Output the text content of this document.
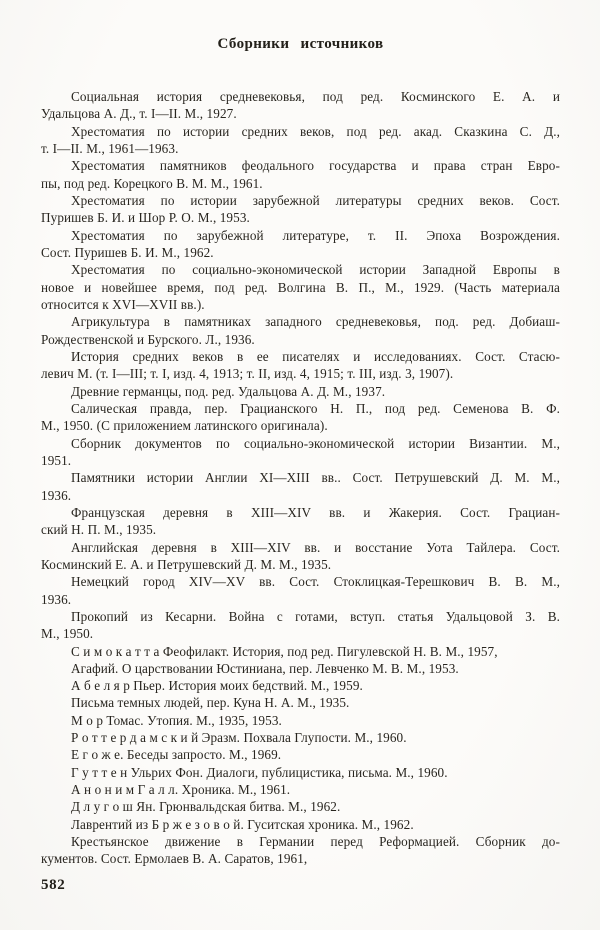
Сборники источников
Социальная история средневековья, под ред. Косминского Е. А. и
Удальцова А. Д., т. I—II. М., 1927.
Хрестоматия по истории средних веков, под ред. акад. Сказкина С. Д.,
т. I—II. М., 1961—1963.
Хрестоматия памятников феодального государства и права стран Евро-
пы, под ред. Корецкого В. М. М., 1961.
Хрестоматия по истории зарубежной литературы средних веков. Сост.
Пуришев Б. И. и Шор Р. О. М., 1953.
Хрестоматия по зарубежной литературе, т. II. Эпоха Возрождения.
Сост. Пуришев Б. И. М., 1962.
Хрестоматия по социально-экономической истории Западной Европы в
новое и новейшее время, под ред. Волгина В. П., М., 1929. (Часть материала
относится к XVI—XVII вв.).
Агрикультура в памятниках западного средневековья, под. ред. Добиаш-
Рождественской и Бурского. Л., 1936.
История средних веков в ее писателях и исследованиях. Сост. Стасю-
левич М. (т. I—III; т. I, изд. 4, 1913; т. II, изд. 4, 1915; т. III, изд. 3, 1907).
Древние германцы, под. ред. Удальцова А. Д. М., 1937.
Салическая правда, пер. Грацианского Н. П., под ред. Семенова В. Ф.
М., 1950. (С приложением латинского оригинала).
Сборник документов по социально-экономической истории Византии. М.,
1951.
Памятники истории Англии XI—XIII вв.. Сост. Петрушевский Д. М. М.,
1936.
Французская деревня в XIII—XIV вв. и Жакерия. Сост. Грациан-
ский Н. П. М., 1935.
Английская деревня в XIII—XIV вв. и восстание Уота Тайлера. Сост.
Косминский Е. А. и Петрушевский Д. М. М., 1935.
Немецкий город XIV—XV вв. Сост. Стоклицкая-Терешкович В. В. М.,
1936.
Прокопий из Кесарни. Война с готами, вступ. статья Удальцовой З. В.
М., 1950.
С и м о к а т т а Феофилакт. История, под ред. Пигулевской Н. В. М., 1957,
Агафий. О царствовании Юстиниана, пер. Левченко М. В. М., 1953.
А б е л я р Пьер. История моих бедствий. М., 1959.
Письма темных людей, пер. Куна Н. А. М., 1935.
М о р Томас. Утопия. М., 1935, 1953.
Р о т т е р д а м с к и й Эразм. Похвала Глупости. М., 1960.
Е г о ж е. Беседы запросто. М., 1969.
Г у т т е н Ульрих Фон. Диалоги, публицистика, письма. М., 1960.
А н о н и м Г а л л. Хроника. М., 1961.
Д л у г о ш Ян. Грюнвальдская битва. М., 1962.
Лаврентий из Б р ж е з о в о й. Гуситская хроника. М., 1962.
Крестьянское движение в Германии перед Реформацией. Сборник до-
кументов. Сост. Ермолаев В. А. Саратов, 1961,
582
